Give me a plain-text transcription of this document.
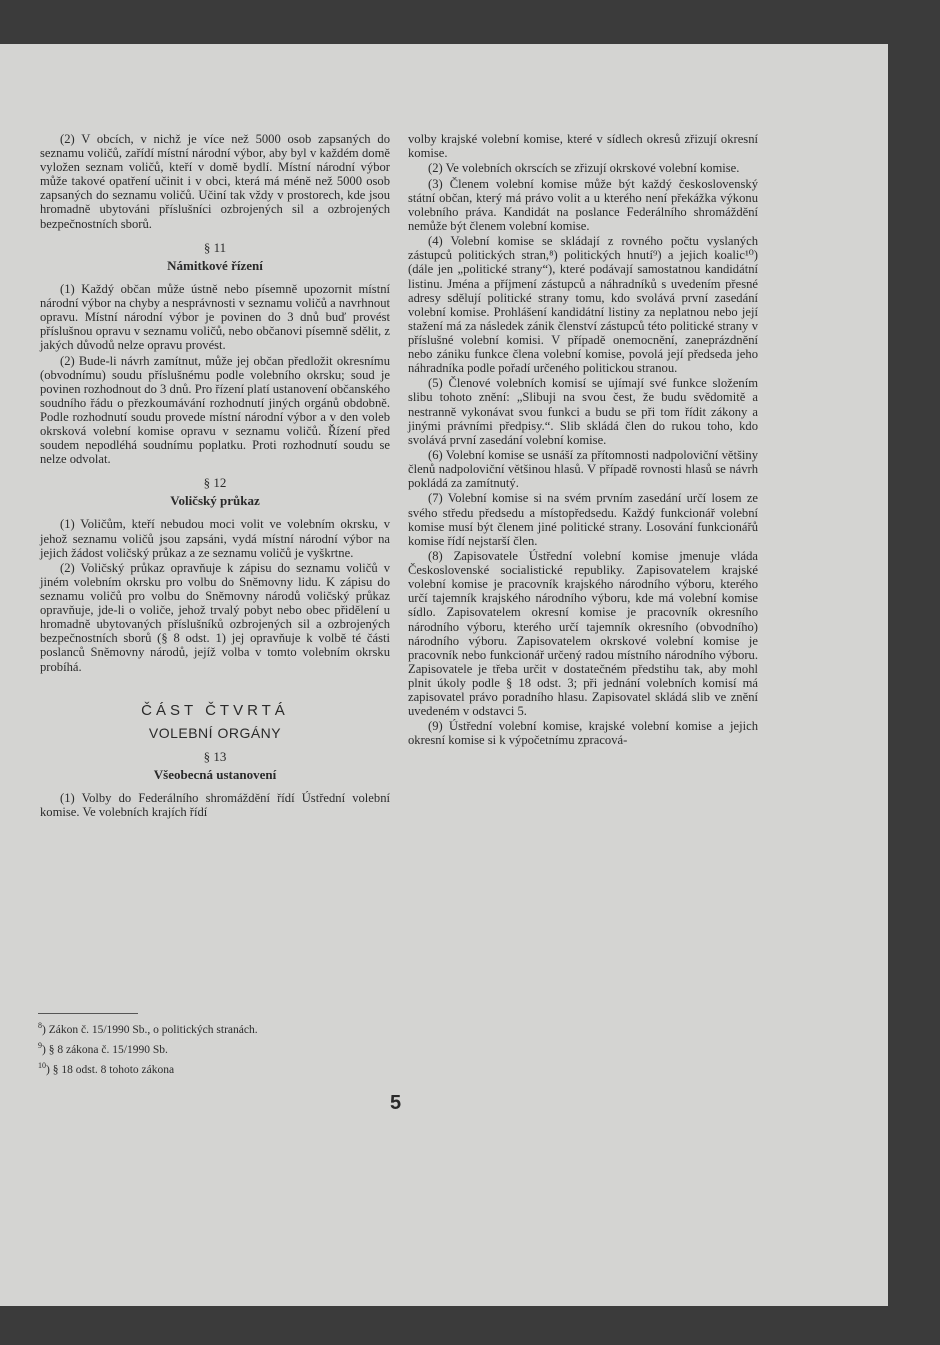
(2) V obcích, v nichž je více než 5000 osob zapsaných do seznamu voličů, zařídí místní národní výbor, aby byl v každém domě vyložen seznam voličů, kteří v domě bydlí. Místní národní výbor může takové opatření učinit i v obci, která má méně než 5000 osob zapsaných do seznamu voličů. Učiní tak vždy v prostorech, kde jsou hromadně ubytováni příslušníci ozbrojených sil a ozbrojených bezpečnostních sborů.

§ 11
Námitkové řízení

(1) Každý občan může ústně nebo písemně upozornit místní národní výbor na chyby a nesprávnosti v seznamu voličů a navrhnout opravu. Místní národní výbor je povinen do 3 dnů buď provést příslušnou opravu v seznamu voličů, nebo občanovi písemně sdělit, z jakých důvodů nelze opravu provést.

(2) Bude-li návrh zamítnut, může jej občan předložit okresnímu (obvodnímu) soudu příslušnému podle volebního okrsku; soud je povinen rozhodnout do 3 dnů. Pro řízení platí ustanovení občanského soudního řádu o přezkoumávání rozhodnutí jiných orgánů obdobně. Podle rozhodnutí soudu provede místní národní výbor a v den voleb okrsková volební komise opravu v seznamu voličů. Řízení před soudem nepodléhá soudnímu poplatku. Proti rozhodnutí soudu se nelze odvolat.

§ 12
Voličský průkaz

(1) Voličům, kteří nebudou moci volit ve volebním okrsku, v jehož seznamu voličů jsou zapsáni, vydá místní národní výbor na jejich žádost voličský průkaz a ze seznamu voličů je vyškrtne.

(2) Voličský průkaz opravňuje k zápisu do seznamu voličů v jiném volebním okrsku pro volbu do Sněmovny lidu. K zápisu do seznamu voličů pro volbu do Sněmovny národů voličský průkaz opravňuje, jde-li o voliče, jehož trvalý pobyt nebo obec přidělení u hromadně ubytovaných příslušníků ozbrojených sil a ozbrojených bezpečnostních sborů (§ 8 odst. 1) jej opravňuje k volbě té části poslanců Sněmovny národů, jejíž volba v tomto volebním okrsku probíhá.

ČÁST ČTVRTÁ
VOLEBNÍ ORGÁNY
§ 13
Všeobecná ustanovení

(1) Volby do Federálního shromáždění řídí Ústřední volební komise. Ve volebních krajích řídí

volby krajské volební komise, které v sídlech okresů zřizují okresní komise.

(2) Ve volebních okrscích se zřizují okrskové volební komise.

(3) Členem volební komise může být každý československý státní občan, který má právo volit a u kterého není překážka výkonu volebního práva. Kandidát na poslance Federálního shromáždění nemůže být členem volební komise.

(4) Volební komise se skládají z rovného počtu vyslaných zástupců politických stran,⁸) politických hnutí⁹) a jejich koalic¹⁰) (dále jen „politické strany“), které podávají samostatnou kandidátní listinu. Jména a příjmení zástupců a náhradníků s uvedením přesné adresy sdělují politické strany tomu, kdo svolává první zasedání volební komise. Prohlášení kandidátní listiny za neplatnou nebo její stažení má za následek zánik členství zástupců této politické strany v příslušné volební komisi. V případě onemocnění, zaneprázdnění nebo zániku funkce člena volební komise, povolá její předseda jeho náhradníka podle pořadí určeného politickou stranou.

(5) Členové volebních komisí se ujímají své funkce složením slibu tohoto znění: „Slibuji na svou čest, že budu svědomitě a nestranně vykonávat svou funkci a budu se při tom řídit zákony a jinými právními předpisy.“. Slib skládá člen do rukou toho, kdo svolává první zasedání volební komise.

(6) Volební komise se usnáší za přítomnosti nadpoloviční většiny členů nadpoloviční většinou hlasů. V případě rovnosti hlasů se návrh pokládá za zamítnutý.

(7) Volební komise si na svém prvním zasedání určí losem ze svého středu předsedu a místopředsedu. Každý funkcionář volební komise musí být členem jiné politické strany. Losování funkcionářů komise řídí nejstarší člen.

(8) Zapisovatele Ústřední volební komise jmenuje vláda Československé socialistické republiky. Zapisovatelem krajské volební komise je pracovník krajského národního výboru, kterého určí tajemník krajského národního výboru, kde má volební komise sídlo. Zapisovatelem okresní komise je pracovník okresního národního výboru, kterého určí tajemník okresního (obvodního) národního výboru. Zapisovatelem okrskové volební komise je pracovník nebo funkcionář určený radou místního národního výboru. Zapisovatele je třeba určit v dostatečném předstihu tak, aby mohl plnit úkoly podle § 18 odst. 3; při jednání volebních komisí má zapisovatel právo poradního hlasu. Zapisovatel skládá slib ve znění uvedeném v odstavci 5.

(9) Ústřední volební komise, krajské volební komise a jejich okresní komise si k výpočetnímu zpracová-

$^8$) Zákon č. 15/1990 Sb., o politických stranách.
$^9$) § 8 zákona č. 15/1990 Sb.
$^{10}$) § 18 odst. 8 tohoto zákona
5
